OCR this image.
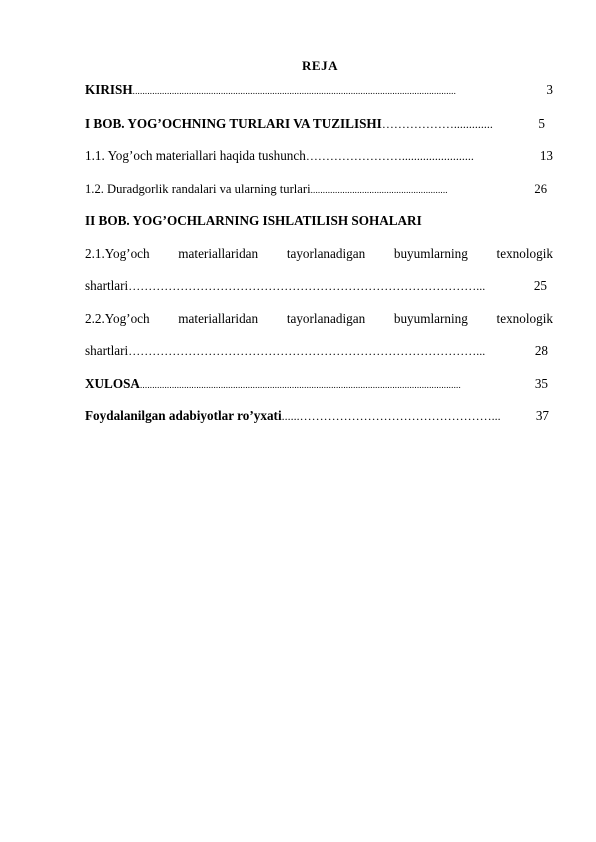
REJA
KIRISH ....................................................................................................................................	3
I BOB. YOG’OCHNING TURLARI VA TUZILISHI ……………….............	5
1.1. Yog’och materiallari haqida tushunch ……………………........................	13
1.2. Duradgorlik randalari va ularning turlari ........................................................	26
II BOB. YOG’OCHLARNING ISHLATILISH SOHALARI
2.1.Yog’och materiallaridan tayorlanadigan buyumlarning texnologik
shartlari ……………………………………………………………………………...	25
2.2.Yog’och materiallaridan tayorlanadigan buyumlarning texnologik
shartlari ……………………………………………………………………………...	28
XULOSA ...................................................................................................................................	35
Foydalanilgan adabiyotlar ro’yxati ......…………………………………………...	37
